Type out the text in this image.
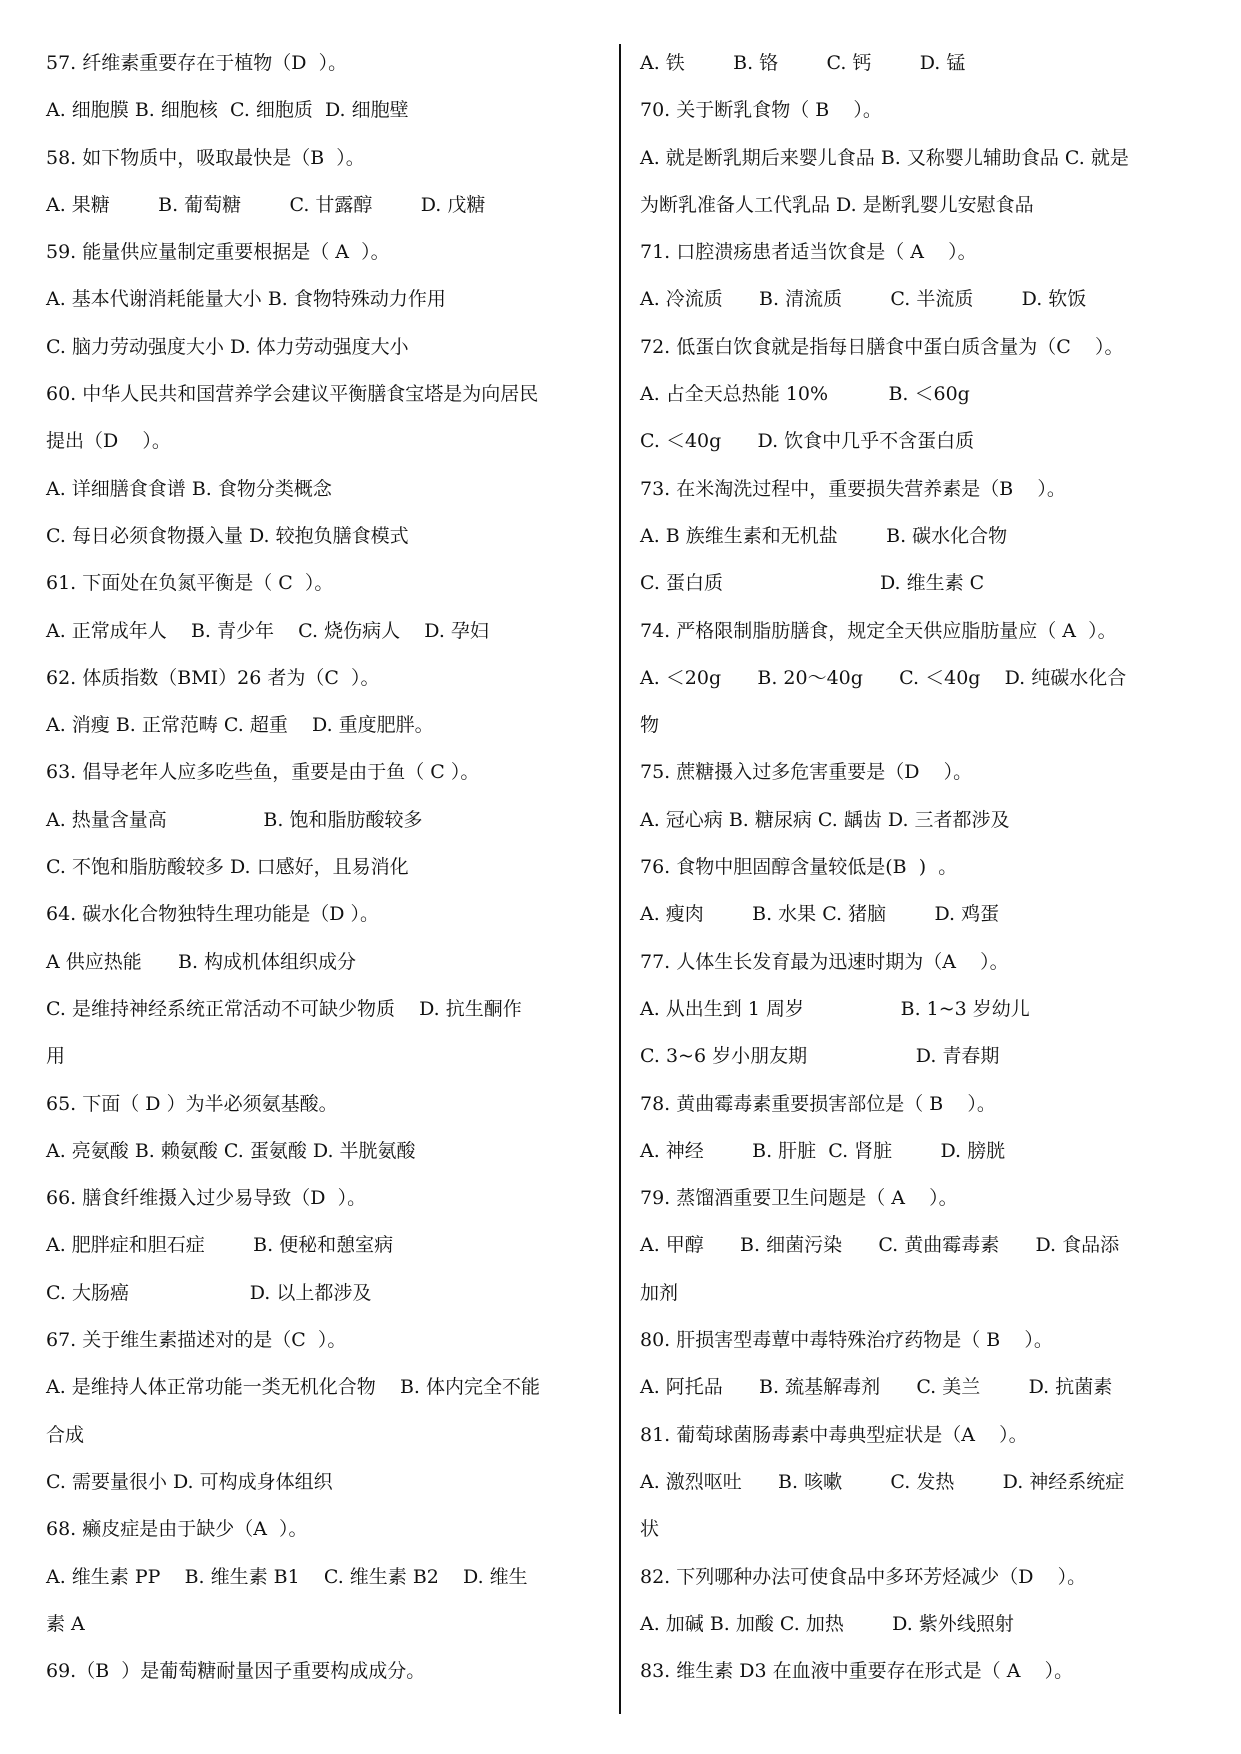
57. 纤维素重要存在于植物（D  ）。
A. 细胞膜 B. 细胞核  C. 细胞质  D. 细胞壁
58. 如下物质中，吸取最快是（B  ）。
A. 果糖        B. 葡萄糖        C. 甘露醇        D. 戊糖
59. 能量供应量制定重要根据是（ A  ）。
A. 基本代谢消耗能量大小 B. 食物特殊动力作用
C. 脑力劳动强度大小 D. 体力劳动强度大小
60. 中华人民共和国营养学会建议平衡膳食宝塔是为向居民
提出（D    ）。
A. 详细膳食食谱 B. 食物分类概念
C. 每日必须食物摄入量 D. 较抱负膳食模式
61. 下面处在负氮平衡是（ C  ）。
A. 正常成年人    B. 青少年    C. 烧伤病人    D. 孕妇
62. 体质指数（BMI）26 者为（C  ）。
A. 消瘦 B. 正常范畴 C. 超重    D. 重度肥胖。
63. 倡导老年人应多吃些鱼，重要是由于鱼（ C ）。
A. 热量含量高                B. 饱和脂肪酸较多
C. 不饱和脂肪酸较多 D. 口感好，且易消化
64. 碳水化合物独特生理功能是（D ）。
A 供应热能      B. 构成机体组织成分
C. 是维持神经系统正常活动不可缺少物质    D. 抗生酮作
用
65. 下面（ D ）为半必须氨基酸。
A. 亮氨酸 B. 赖氨酸 C. 蛋氨酸 D. 半胱氨酸
66. 膳食纤维摄入过少易导致（D  ）。
A. 肥胖症和胆石症        B. 便秘和憩室病
C. 大肠癌                    D. 以上都涉及
67. 关于维生素描述对的是（C  ）。
A. 是维持人体正常功能一类无机化合物    B. 体内完全不能
合成
C. 需要量很小 D. 可构成身体组织
68. 癞皮症是由于缺少（A  ）。
A. 维生素 PP    B. 维生素 B1    C. 维生素 B2    D. 维生
素 A
69.（B  ）是葡萄糖耐量因子重要构成成分。
A. 铁        B. 铬        C. 钙        D. 锰
70. 关于断乳食物（ B    ）。
A. 就是断乳期后来婴儿食品 B. 又称婴儿辅助食品 C. 就是
为断乳准备人工代乳品 D. 是断乳婴儿安慰食品
71. 口腔溃疡患者适当饮食是（ A    ）。
A. 冷流质      B. 清流质        C. 半流质        D. 软饭
72. 低蛋白饮食就是指每日膳食中蛋白质含量为（C    ）。
A. 占全天总热能 10%          B. ＜60g
C. ＜40g      D. 饮食中几乎不含蛋白质
73. 在米淘洗过程中，重要损失营养素是（B    ）。
A. B 族维生素和无机盐        B. 碳水化合物
C. 蛋白质                          D. 维生素 C
74. 严格限制脂肪膳食，规定全天供应脂肪量应（ A  ）。
A. ＜20g      B. 20～40g      C. ＜40g    D. 纯碳水化合
物
75. 蔗糖摄入过多危害重要是（D    ）。
A. 冠心病 B. 糖尿病 C. 龋齿 D. 三者都涉及
76. 食物中胆固醇含量较低是(B  )  。
A. 瘦肉        B. 水果 C. 猪脑        D. 鸡蛋
77. 人体生长发育最为迅速时期为（A    ）。
A. 从出生到 1 周岁                B. 1~3 岁幼儿
C. 3~6 岁小朋友期                  D. 青春期
78. 黄曲霉毒素重要损害部位是（ B    ）。
A. 神经        B. 肝脏  C. 肾脏        D. 膀胱
79. 蒸馏酒重要卫生问题是（ A    ）。
A. 甲醇      B. 细菌污染      C. 黄曲霉毒素      D. 食品添
加剂
80. 肝损害型毒蕈中毒特殊治疗药物是（ B    ）。
A. 阿托品      B. 巯基解毒剂      C. 美兰        D. 抗菌素
81. 葡萄球菌肠毒素中毒典型症状是（A    ）。
A. 激烈呕吐      B. 咳嗽        C. 发热        D. 神经系统症
状
82. 下列哪种办法可使食品中多环芳烃减少（D    ）。
A. 加碱 B. 加酸 C. 加热        D. 紫外线照射
83. 维生素 D3 在血液中重要存在形式是（ A    ）。
